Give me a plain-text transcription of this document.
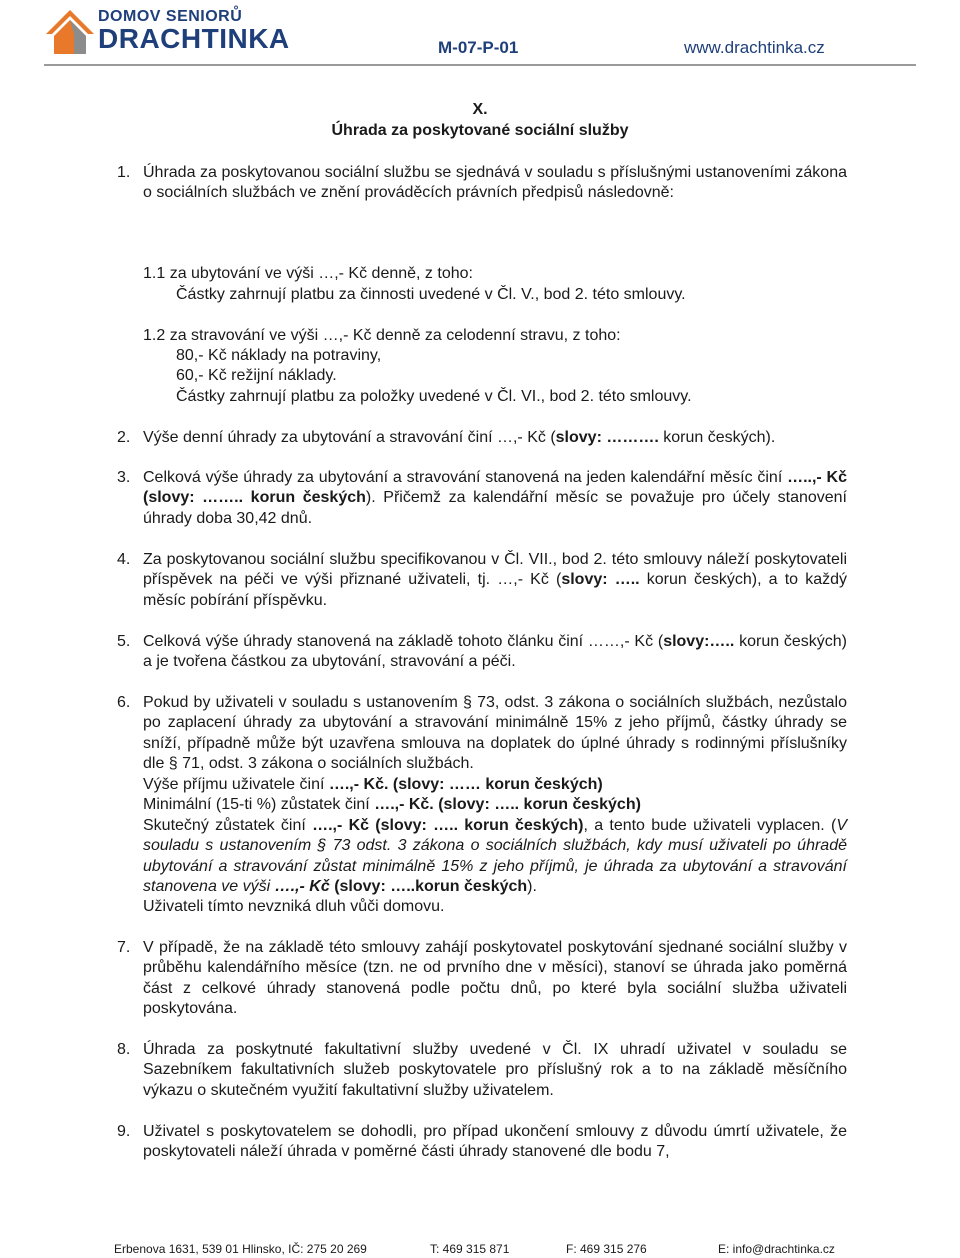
DOMOV SENIORŮ
DRACHTINKA	M-07-P-01	www.drachtinka.cz
X.
Úhrada za poskytované sociální služby
1. Úhrada za poskytovanou sociální službu se sjednává v souladu s příslušnými ustanoveními zákona o sociálních službách ve znění prováděcích právních předpisů následovně:
1.1 za ubytování ve výši …,- Kč denně, z toho:
Částky zahrnují platbu za činnosti uvedené v Čl. V., bod 2. této smlouvy.
1.2 za stravování ve výši …,- Kč denně za celodenní stravu, z toho:
80,- Kč náklady na potraviny,
60,- Kč režijní náklady.
Částky zahrnují platbu za položky uvedené v Čl. VI., bod 2. této smlouvy.
2. Výše denní úhrady za ubytování a stravování činí …,- Kč (slovy: ………. korun českých).
3. Celková výše úhrady za ubytování a stravování stanovená na jeden kalendářní měsíc činí …..,- Kč (slovy: …….. korun českých). Přičemž za kalendářní měsíc se považuje pro účely stanovení úhrady doba 30,42 dnů.
4. Za poskytovanou sociální službu specifikovanou v Čl. VII., bod 2. této smlouvy náleží poskytovateli příspěvek na péči ve výši přiznané uživateli, tj. …,- Kč (slovy: ….. korun českých), a to každý měsíc pobírání příspěvku.
5. Celková výše úhrady stanovená na základě tohoto článku činí ……,- Kč (slovy:….. korun českých) a je tvořena částkou za ubytování, stravování a péči.
6. Pokud by uživateli v souladu s ustanovením § 73, odst. 3 zákona o sociálních službách, nezůstalo po zaplacení úhrady za ubytování a stravování minimálně 15% z jeho příjmů, částky úhrady se sníží, případně může být uzavřena smlouva na doplatek do úplné úhrady s rodinnými příslušníky dle § 71, odst. 3 zákona o sociálních službách.
Výše příjmu uživatele činí ….,- Kč. (slovy: …… korun českých)
Minimální (15-ti %) zůstatek činí ….,- Kč. (slovy: ….. korun českých)
Skutečný zůstatek činí ….,- Kč (slovy: ….. korun českých), a tento bude uživateli vyplacen. (V souladu s ustanovením § 73 odst. 3 zákona o sociálních službách, kdy musí uživateli po úhradě ubytování a stravování zůstat minimálně 15% z jeho příjmů, je úhrada za ubytování a stravování stanovena ve výši ….,- Kč (slovy: …..korun českých).
Uživateli tímto nevzniká dluh vůči domovu.
7. V případě, že na základě této smlouvy zahájí poskytovatel poskytování sjednané sociální služby v průběhu kalendářního měsíce (tzn. ne od prvního dne v měsíci), stanoví se úhrada jako poměrná část z celkové úhrady stanovená podle počtu dnů, po které byla sociální služba uživateli poskytována.
8. Úhrada za poskytnuté fakultativní služby uvedené v Čl. IX uhradí uživatel v souladu se Sazebníkem fakultativních služeb poskytovatele pro příslušný rok a to na základě měsíčního výkazu o skutečném využití fakultativní služby uživatelem.
9. Uživatel s poskytovatelem se dohodli, pro případ ukončení smlouvy z důvodu úmrtí uživatele, že poskytovateli náleží úhrada v poměrné části úhrady stanovené dle bodu 7,
Erbenova 1631, 539 01 Hlinsko, IČ: 275 20 269	T: 469 315 871	F: 469 315 276	E: info@drachtinka.cz
